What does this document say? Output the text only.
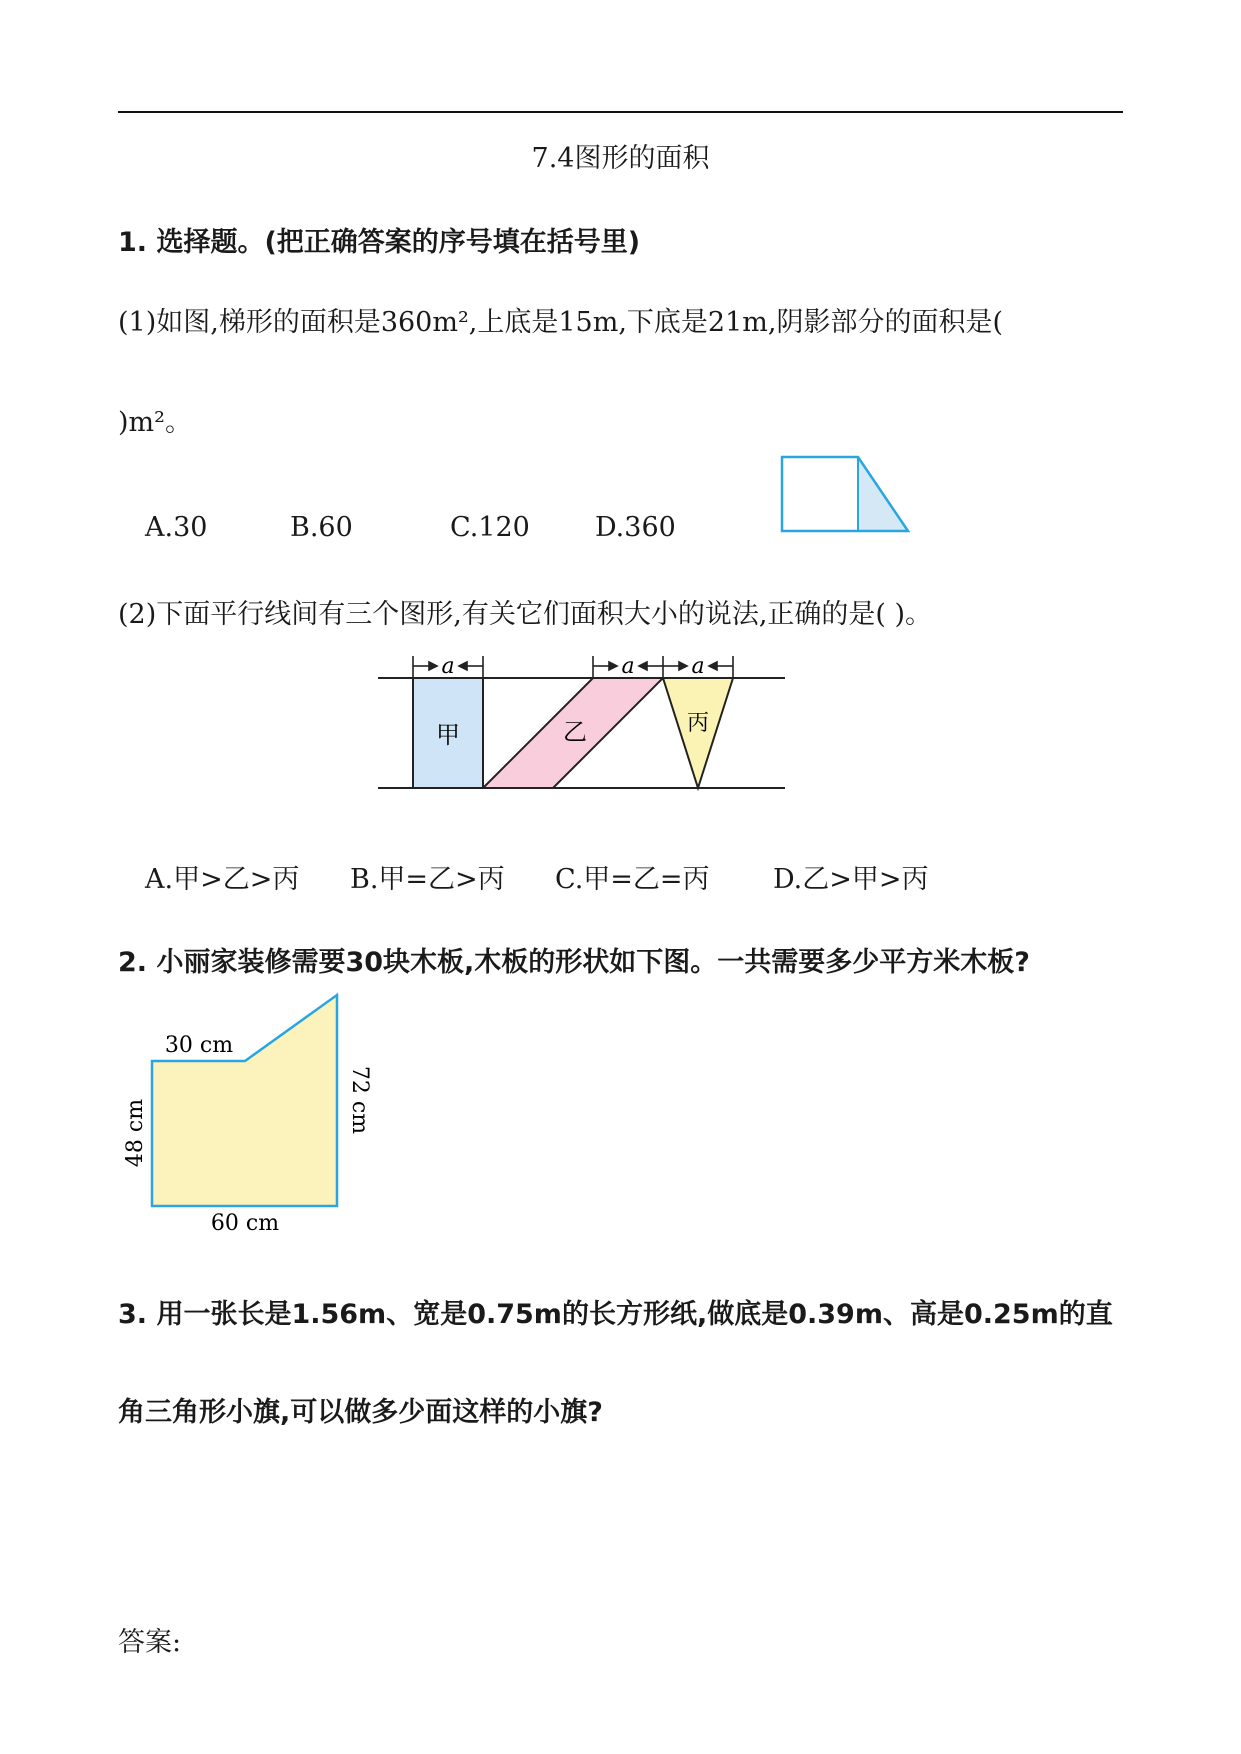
7.4图形的面积
1. 选择题。(把正确答案的序号填在括号里)
(1)如图,梯形的面积是360m²,上底是15m,下底是21m,阴影部分的面积是(
)m²。
A.30	B.60	C.120 D.360
(2)下面平行线间有三个图形,有关它们面积大小的说法,正确的是( )。
a	a	a
甲	乙	丙
A.甲>乙>丙 B.甲=乙>丙 C.甲=乙=丙 D.乙>甲>丙
2. 小丽家装修需要30块木板,木板的形状如下图。一共需要多少平方米木板?
30 cm
60 cm
48 cm	72 cm
3. 用一张长是1.56m、宽是0.75m的长方形纸,做底是0.39m、高是0.25m的直
角三角形小旗,可以做多少面这样的小旗?
答案:
